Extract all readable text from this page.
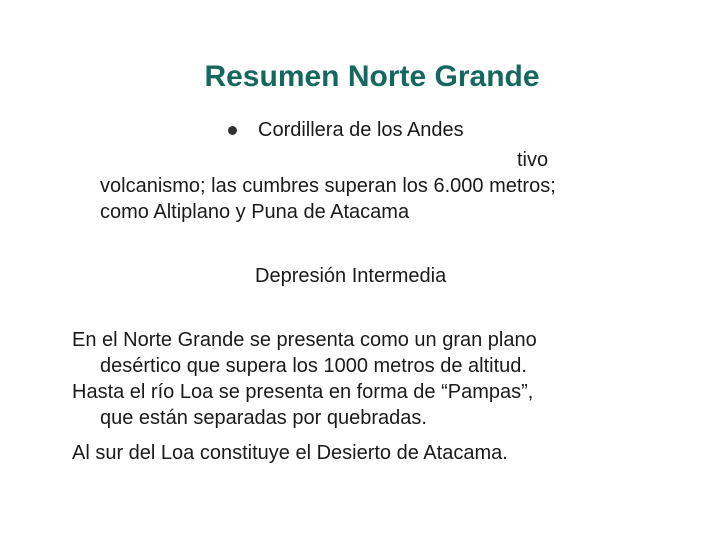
Resumen Norte Grande
Cordillera de los Andes
tivo
volcanismo; las cumbres superan los 6.000 metros;
como Altiplano y Puna de Atacama
Depresión Intermedia
En el Norte Grande se presenta como un gran plano
desértico que supera los 1000 metros de altitud.
Hasta el río Loa se presenta en forma de “Pampas”,
que están separadas por quebradas.
Al sur del Loa constituye el Desierto de Atacama.
